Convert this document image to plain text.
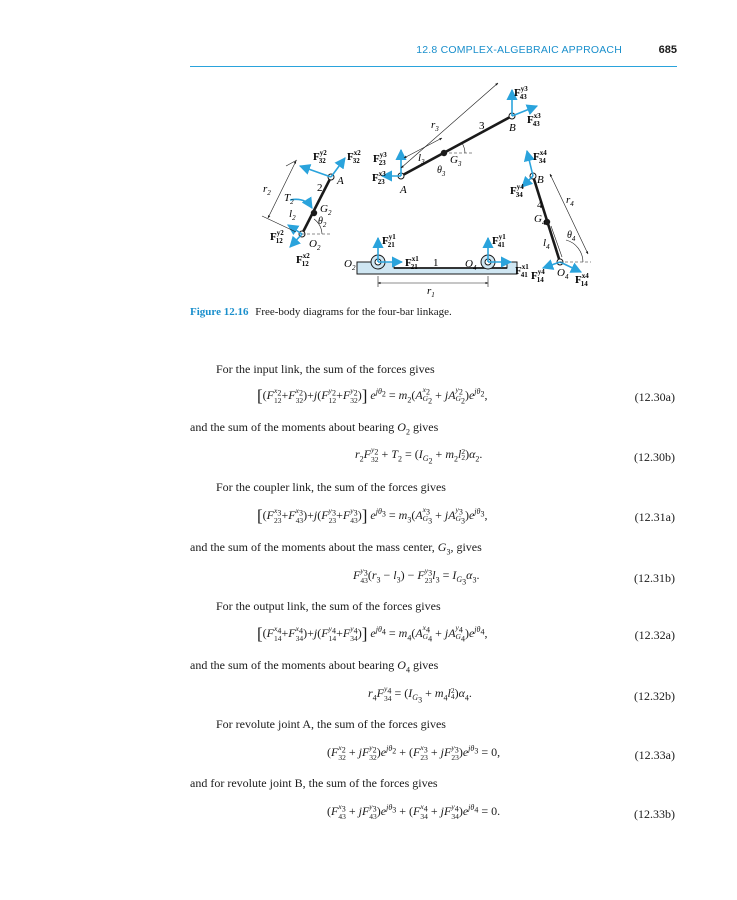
12.8 COMPLEX-ALGEBRAIC APPROACH	685
$F^{y2}$ 32 $F^{x2}$ 32
A
2
$T_2$
$r_2$
$l_2$
$G_2$
$\theta_2$
$O_2$
$F^{y2}$ 12
$F^{x2}$ 12
$F^{y3}$ 23
$F^{x3}$ 23
A
$r_3$
$l_3$ $G_3$
$\theta_3$
3 B
$F^{y3}$ 43
$F^{x3}$ 43
$F^{x4}$ 34
B
$F^{y4}$ 34
4 $r_4$
$G_4$
$l_4$
$\theta_4$
$O_4$
$F^{y4}$ 14	$F^{x4}$ 14
$O_2$
$F^{y1}$ 21
$F^{x1}$ 21 1 $O_4$
$F^{y1}$ 41
$F^{x1}$ 41
$r_1$
Figure 12.16 Free-body diagrams for the four-bar linkage.
For the input link, the sum of the forces gives
[(F $x_2$
12 +F $x_2$
32 )+j(F $y_2$
12 +F $y_2$
32 )] $e^{j\theta_2} = m_2(A$ $x_2$
$G_2$ + jA $y_2$
$G_2$ )$e^{j\theta_2}$,	(12.30a)
and the sum of the moments about bearing $O_2$ gives
$r_2F$ $y_2$
$32 + T_2 = (I_{G_2} + m_2l$ 2
2 )$\alpha_2$.	(12.30b)
For the coupler link, the sum of the forces gives
[(F $x_3$
23 +F $x_3$
43 )+j(F $y_3$
23 +F $y_3$
43 )] $e^{j\theta_3} = m_3(A$ $x_3$
$G_3$ + jA $y_3$
$G_3$ )$e^{j\theta_3}$,	(12.31a)
and the sum of the moments about the mass center, $G_3$, gives
F $y_3$
43 $(r_3 - l_3) - F$ $y_3$
23 $l_3 = I_{G_3}\alpha_3$.	(12.31b)
For the output link, the sum of the forces gives
[(F $x_4$
14 +F $x_4$
34 )+j(F $y_4$
14 +F $y_4$
34 )] $e^{j\theta_4} = m_4(A$ $x_4$
$G_4$ + jA $y_4$
$G_4$ )$e^{j\theta_4}$,	(12.32a)
and the sum of the moments about bearing $O_4$ gives
$r_4F$ $y_4$
$34 = (I_{G_3} + m_4l$ 2
4 )$\alpha_4$.	(12.32b)
For revolute joint A, the sum of the forces gives
(F $x_2$
32 + jF $y_2$
32 )$e^{j\theta_2} + (F$ $x_3$
23 + jF $y_3$
23 )$e^{j\theta_3} = 0$,	(12.33a)
and for revolute joint B, the sum of the forces gives
(F $x_3$
43 + jF $y_3$
43 )$e^{j\theta_3} + (F$ $x_4$
34 + jF $y_4$
34 )$e^{j\theta_4} = 0$.	(12.33b)
